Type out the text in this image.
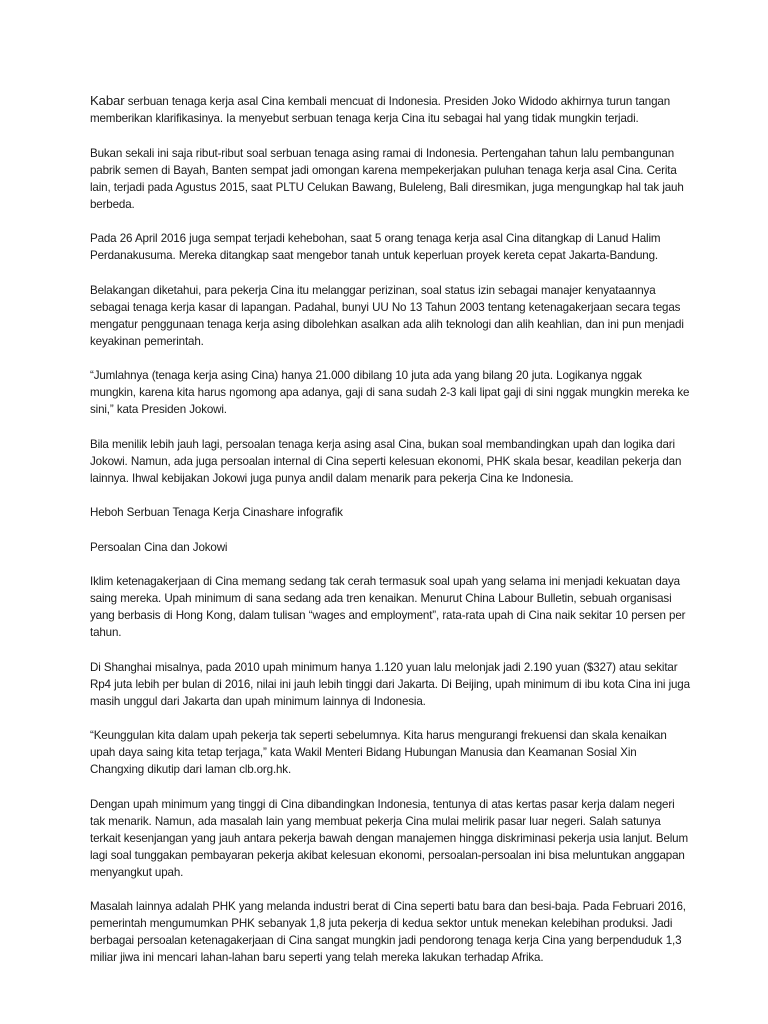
Kabar serbuan tenaga kerja asal Cina kembali mencuat di Indonesia. Presiden Joko Widodo akhirnya turun tangan memberikan klarifikasinya. Ia menyebut serbuan tenaga kerja Cina itu sebagai hal yang tidak mungkin terjadi.

Bukan sekali ini saja ribut-ribut soal serbuan tenaga asing ramai di Indonesia. Pertengahan tahun lalu pembangunan pabrik semen di Bayah, Banten sempat jadi omongan karena mempekerjakan puluhan tenaga kerja asal Cina. Cerita lain, terjadi pada Agustus 2015, saat PLTU Celukan Bawang, Buleleng, Bali diresmikan, juga mengungkap hal tak jauh berbeda.

Pada 26 April 2016 juga sempat terjadi kehebohan, saat 5 orang tenaga kerja asal Cina ditangkap di Lanud Halim Perdanakusuma. Mereka ditangkap saat mengebor tanah untuk keperluan proyek kereta cepat Jakarta-Bandung.

Belakangan diketahui, para pekerja Cina itu melanggar perizinan, soal status izin sebagai manajer kenyataannya sebagai tenaga kerja kasar di lapangan. Padahal, bunyi UU No 13 Tahun 2003 tentang ketenagakerjaan secara tegas mengatur penggunaan tenaga kerja asing dibolehkan asalkan ada alih teknologi dan alih keahlian, dan ini pun menjadi keyakinan pemerintah.

“Jumlahnya (tenaga kerja asing Cina) hanya 21.000 dibilang 10 juta ada yang bilang 20 juta. Logikanya nggak mungkin, karena kita harus ngomong apa adanya, gaji di sana sudah 2-3 kali lipat gaji di sini nggak mungkin mereka ke sini,” kata Presiden Jokowi.

Bila menilik lebih jauh lagi, persoalan tenaga kerja asing asal Cina, bukan soal membandingkan upah dan logika dari Jokowi. Namun, ada juga persoalan internal di Cina seperti kelesuan ekonomi, PHK skala besar, keadilan pekerja dan lainnya. Ihwal kebijakan Jokowi juga punya andil dalam menarik para pekerja Cina ke Indonesia.

Heboh Serbuan Tenaga Kerja Cinashare infografik

Persoalan Cina dan Jokowi

Iklim ketenagakerjaan di Cina memang sedang tak cerah termasuk soal upah yang selama ini menjadi kekuatan daya saing mereka. Upah minimum di sana sedang ada tren kenaikan. Menurut China Labour Bulletin, sebuah organisasi yang berbasis di Hong Kong, dalam tulisan “wages and employment”, rata-rata upah di Cina naik sekitar 10 persen per tahun.

Di Shanghai misalnya, pada 2010 upah minimum hanya 1.120 yuan lalu melonjak jadi 2.190 yuan ($327) atau sekitar Rp4 juta lebih per bulan di 2016, nilai ini jauh lebih tinggi dari Jakarta. Di Beijing, upah minimum di ibu kota Cina ini juga masih unggul dari Jakarta dan upah minimum lainnya di Indonesia.

“Keunggulan kita dalam upah pekerja tak seperti sebelumnya. Kita harus mengurangi frekuensi dan skala kenaikan upah daya saing kita tetap terjaga,” kata Wakil Menteri Bidang Hubungan Manusia dan Keamanan Sosial Xin Changxing dikutip dari laman clb.org.hk.

Dengan upah minimum yang tinggi di Cina dibandingkan Indonesia, tentunya di atas kertas pasar kerja dalam negeri tak menarik. Namun, ada masalah lain yang membuat pekerja Cina mulai melirik pasar luar negeri. Salah satunya terkait kesenjangan yang jauh antara pekerja bawah dengan manajemen hingga diskriminasi pekerja usia lanjut. Belum lagi soal tunggakan pembayaran pekerja akibat kelesuan ekonomi, persoalan-persoalan ini bisa meluntukan anggapan menyangkut upah.

Masalah lainnya adalah PHK yang melanda industri berat di Cina seperti batu bara dan besi-baja. Pada Februari 2016, pemerintah mengumumkan PHK sebanyak 1,8 juta pekerja di kedua sektor untuk menekan kelebihan produksi. Jadi berbagai persoalan ketenagakerjaan di Cina sangat mungkin jadi pendorong tenaga kerja Cina yang berpenduduk 1,3 miliar jiwa ini mencari lahan-lahan baru seperti yang telah mereka lakukan terhadap Afrika.
